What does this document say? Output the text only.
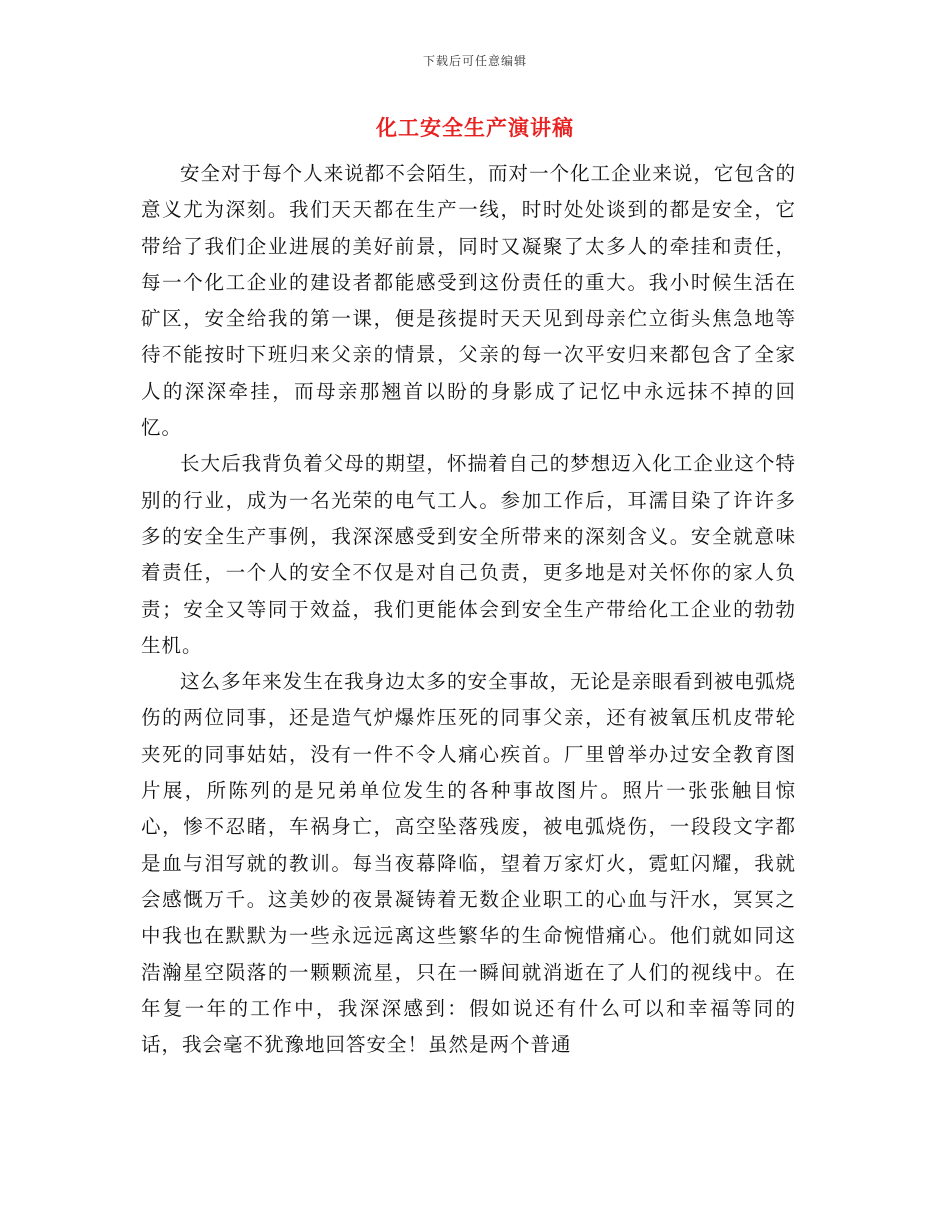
下载后可任意编辑
化工安全生产演讲稿

安全对于每个人来说都不会陌生，而对一个化工企业来说，它包含的意义尤为深刻。我们天天都在生产一线，时时处处谈到的都是安全，它带给了我们企业进展的美好前景，同时又凝聚了太多人的牵挂和责任，每一个化工企业的建设者都能感受到这份责任的重大。我小时候生活在矿区，安全给我的第一课，便是孩提时天天见到母亲伫立街头焦急地等待不能按时下班归来父亲的情景，父亲的每一次平安归来都包含了全家人的深深牵挂，而母亲那翘首以盼的身影成了记忆中永远抹不掉的回忆。

长大后我背负着父母的期望，怀揣着自己的梦想迈入化工企业这个特别的行业，成为一名光荣的电气工人。参加工作后，耳濡目染了许许多多的安全生产事例，我深深感受到安全所带来的深刻含义。安全就意味着责任，一个人的安全不仅是对自己负责，更多地是对关怀你的家人负责；安全又等同于效益，我们更能体会到安全生产带给化工企业的勃勃生机。

这么多年来发生在我身边太多的安全事故，无论是亲眼看到被电弧烧伤的两位同事，还是造气炉爆炸压死的同事父亲，还有被氧压机皮带轮夹死的同事姑姑，没有一件不令人痛心疾首。厂里曾举办过安全教育图片展，所陈列的是兄弟单位发生的各种事故图片。照片一张张触目惊心，惨不忍睹，车祸身亡，高空坠落残废，被电弧烧伤，一段段文字都是血与泪写就的教训。每当夜幕降临，望着万家灯火，霓虹闪耀，我就会感慨万千。这美妙的夜景凝铸着无数企业职工的心血与汗水，冥冥之中我也在默默为一些永远远离这些繁华的生命惋惜痛心。他们就如同这浩瀚星空陨落的一颗颗流星，只在一瞬间就消逝在了人们的视线中。在年复一年的工作中，我深深感到：假如说还有什么可以和幸福等同的话，我会毫不犹豫地回答安全！虽然是两个普通
